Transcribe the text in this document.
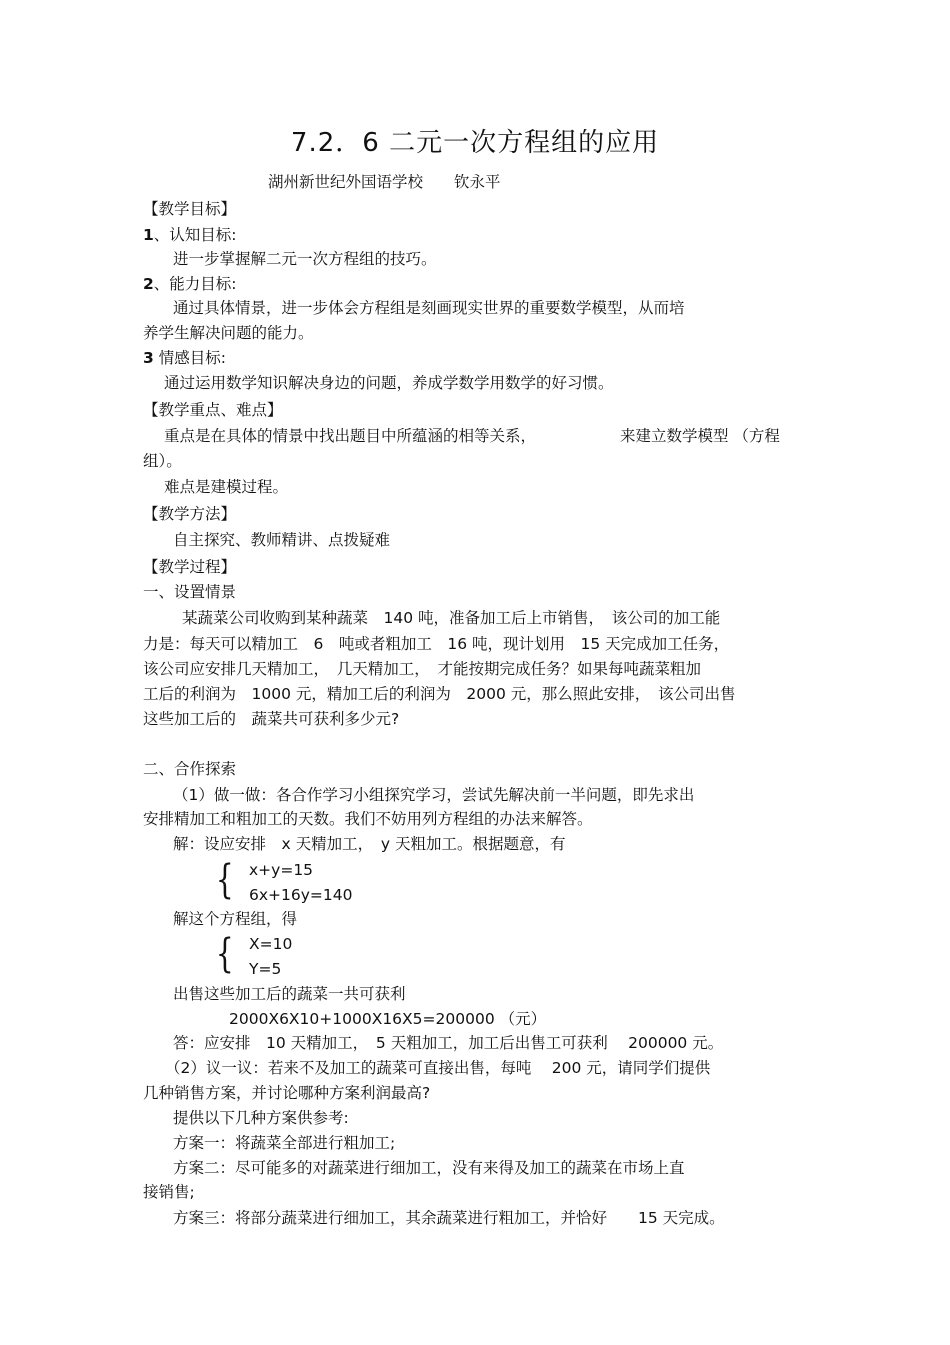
7.2．6 二元一次方程组的应用

湖州新世纪外国语学校　　钦永平

【教学目标】

1、认知目标:

进一步掌握解二元一次方程组的技巧。

2、能力目标:

通过具体情景，进一步体会方程组是刻画现实世界的重要数学模型，从而培

养学生解决问题的能力。

3 情感目标:

通过运用数学知识解决身边的问题，养成学数学用数学的好习惯。

【教学重点、难点】

重点是在具体的情景中找出题目中所蕴涵的相等关系，	来建立数学模型 （方程

组）。

难点是建模过程。

【教学方法】

自主探究、教师精讲、点拨疑难

【教学过程】

一、设置情景

某蔬菜公司收购到某种蔬菜　140 吨，准备加工后上市销售，　该公司的加工能

力是：每天可以精加工　6　吨或者粗加工　16 吨，现计划用　15 天完成加工任务，

该公司应安排几天精加工，　几天精加工，　才能按期完成任务？如果每吨蔬菜粗加

工后的利润为　1000 元，精加工后的利润为　2000 元，那么照此安排，　该公司出售

这些加工后的　蔬菜共可获利多少元?

二、合作探索

（1）做一做：各合作学习小组探究学习，尝试先解决前一半问题，即先求出

安排精加工和粗加工的天数。我们不妨用列方程组的办法来解答。

解：设应安排　x 天精加工，　y 天粗加工。根据题意，有

{ x+y=15

6x+16y=140

解这个方程组，得

{ X=10

Y=5

出售这些加工后的蔬菜一共可获利

2000X6X10+1000X16X5=200000 （元）

答：应安排　10 天精加工，　5 天粗加工，加工后出售工可获利　 200000 元。

（2）议一议：若来不及加工的蔬菜可直接出售，每吨　 200 元，请同学们提供

几种销售方案，并讨论哪种方案利润最高?

提供以下几种方案供参考:

方案一：将蔬菜全部进行粗加工;

方案二：尽可能多的对蔬菜进行细加工，没有来得及加工的蔬菜在市场上直

接销售;

方案三：将部分蔬菜进行细加工，其余蔬菜进行粗加工，并恰好　　15 天完成。
